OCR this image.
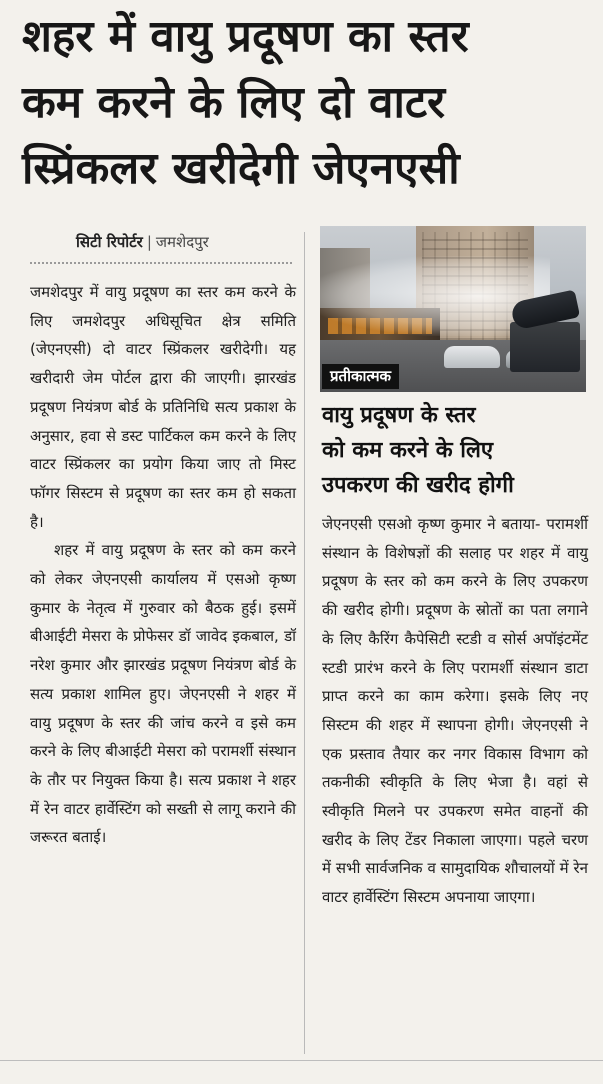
शहर में वायु प्रदूषण का स्तर
कम करने के लिए दो वाटर
स्प्रिंकलर खरीदेगी जेएनएसी
सिटी रिपोर्टर | जमशेदपुर

जमशेदपुर में वायु प्रदूषण का स्तर कम करने के लिए जमशेदपुर अधिसूचित क्षेत्र समिति (जेएनएसी) दो वाटर स्प्रिंकलर खरीदेगी। यह खरीदारी जेम पोर्टल द्वारा की जाएगी। झारखंड प्रदूषण नियंत्रण बोर्ड के प्रतिनिधि सत्य प्रकाश के अनुसार, हवा से डस्ट पार्टिकल कम करने के लिए वाटर स्प्रिंकलर का प्रयोग किया जाए तो मिस्ट फॉगर सिस्टम से प्रदूषण का स्तर कम हो सकता है।

शहर में वायु प्रदूषण के स्तर को कम करने को लेकर जेएनएसी कार्यालय में एसओ कृष्ण कुमार के नेतृत्व में गुरुवार को बैठक हुई। इसमें बीआईटी मेसरा के प्रोफेसर डॉ जावेद इकबाल, डॉ नरेश कुमार और झारखंड प्रदूषण नियंत्रण बोर्ड के सत्य प्रकाश शामिल हुए। जेएनएसी ने शहर में वायु प्रदूषण के स्तर की जांच करने व इसे कम करने के लिए बीआईटी मेसरा को परामर्शी संस्थान के तौर पर नियुक्त किया है। सत्य प्रकाश ने शहर में रेन वाटर हार्वेस्टिंग को सख्ती से लागू कराने की जरूरत बताई।

प्रतीकात्मक
वायु प्रदूषण के स्तर
को कम करने के लिए
उपकरण की खरीद होगी

जेएनएसी एसओ कृष्ण कुमार ने बताया- परामर्शी संस्थान के विशेषज्ञों की सलाह पर शहर में वायु प्रदूषण के स्तर को कम करने के लिए उपकरण की खरीद होगी। प्रदूषण के स्रोतों का पता लगाने के लिए कैरिंग कैपेसिटी स्टडी व सोर्स अपॉइंटमेंट स्टडी प्रारंभ करने के लिए परामर्शी संस्थान डाटा प्राप्त करने का काम करेगा। इसके लिए नए सिस्टम की शहर में स्थापना होगी। जेएनएसी ने एक प्रस्ताव तैयार कर नगर विकास विभाग को तकनीकी स्वीकृति के लिए भेजा है। वहां से स्वीकृति मिलने पर उपकरण समेत वाहनों की खरीद के लिए टेंडर निकाला जाएगा। पहले चरण में सभी सार्वजनिक व सामुदायिक शौचालयों में रेन वाटर हार्वेस्टिंग सिस्टम अपनाया जाएगा।
